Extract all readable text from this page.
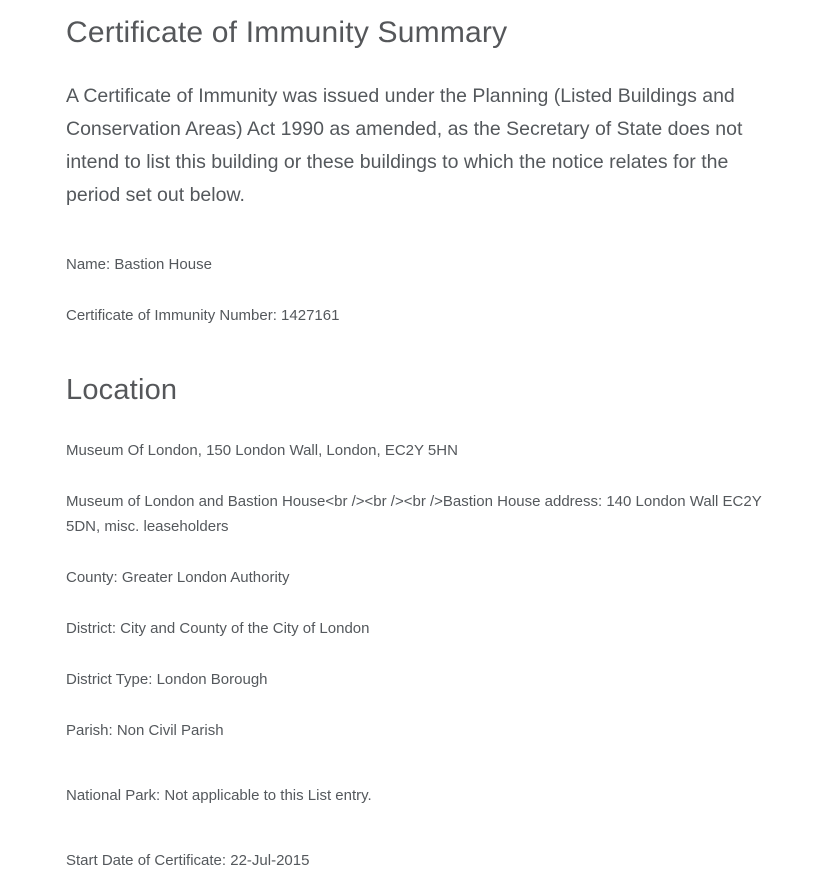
Certificate of Immunity Summary

A Certificate of Immunity was issued under the Planning (Listed Buildings and Conservation Areas) Act 1990 as amended, as the Secretary of State does not intend to list this building or these buildings to which the notice relates for the period set out below.

Name: Bastion House

Certificate of Immunity Number: 1427161

Location

Museum Of London, 150 London Wall, London, EC2Y 5HN

Museum of London and Bastion House<br /><br /><br />Bastion House address: 140 London Wall EC2Y 5DN, misc. leaseholders

County: Greater London Authority

District: City and County of the City of London

District Type: London Borough

Parish: Non Civil Parish

National Park: Not applicable to this List entry.

Start Date of Certificate: 22-Jul-2015
